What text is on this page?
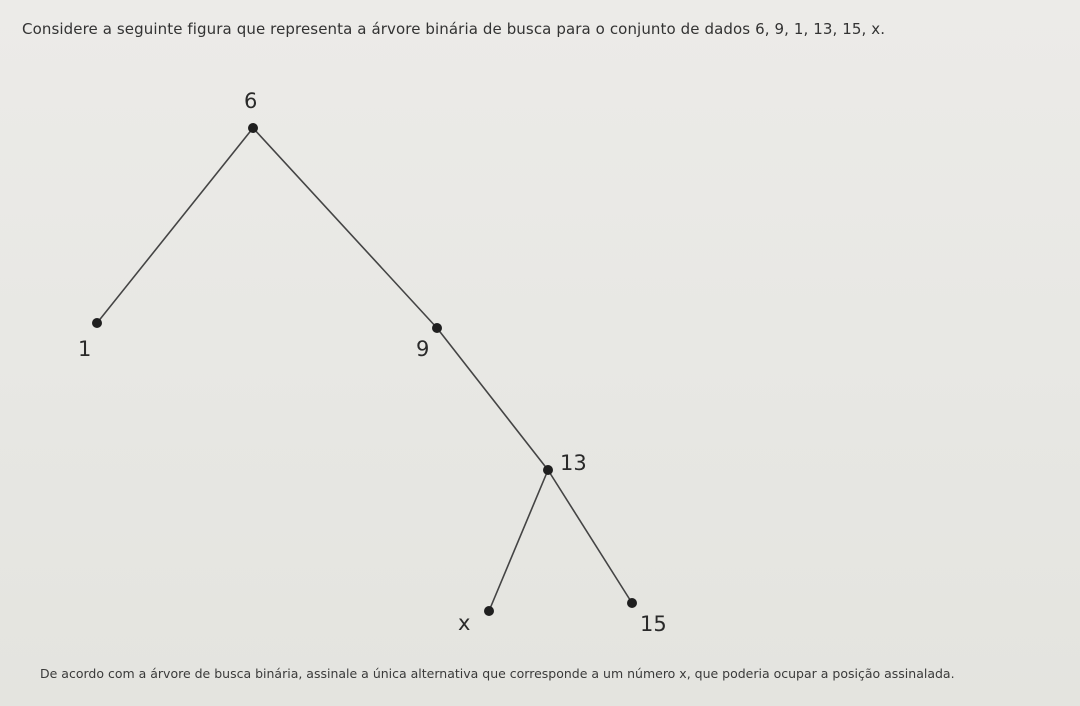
Considere a seguinte figura que representa a árvore binária de busca para o conjunto de dados 6, 9, 1, 13, 15, x.
6
1	9
13
x	15
De acordo com a árvore de busca binária, assinale a única alternativa que corresponde a um número x, que poderia ocupar a posição assinalada.
